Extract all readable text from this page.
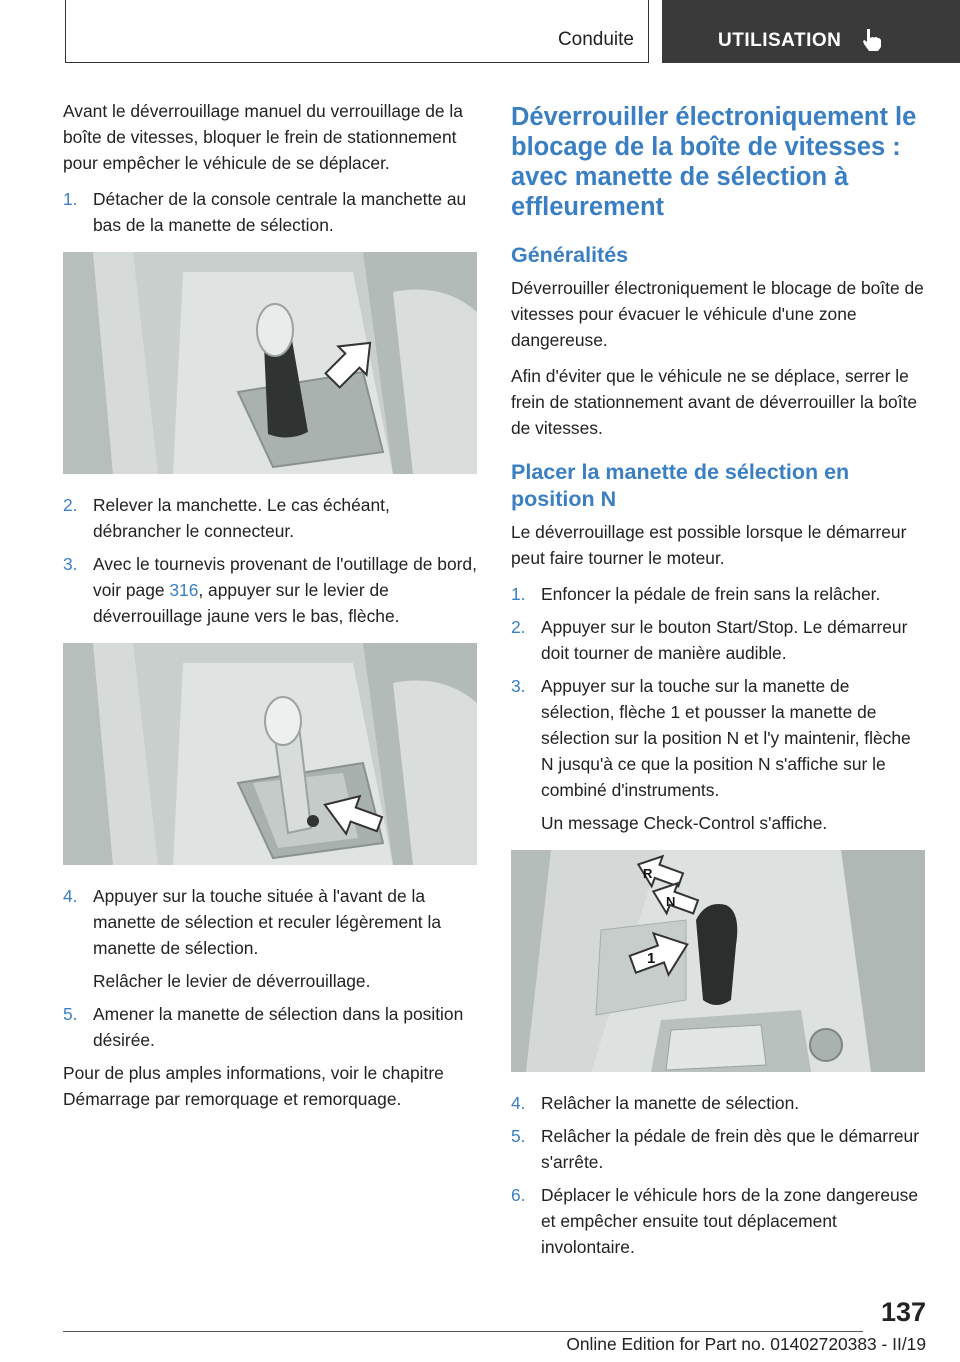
Conduite	UTILISATION

Avant le déverrouillage manuel du verrouillage de la boîte de vitesses, bloquer le frein de stationnement pour empêcher le véhicule de se déplacer.

1. Détacher de la console centrale la manchette au bas de la manette de sélection.
2. Relever la manchette. Le cas échéant, débrancher le connecteur.
3. Avec le tournevis provenant de l'outillage de bord, voir page 316, appuyer sur le levier de déverrouillage jaune vers le bas, flèche.
4. Appuyer sur la touche située à l'avant de la manette de sélection et reculer légèrement la manette de sélection.
Relâcher le levier de déverrouillage.
5. Amener la manette de sélection dans la position désirée.

Pour de plus amples informations, voir le chapitre Démarrage par remorquage et remorquage.

Déverrouiller électroniquement le blocage de la boîte de vitesses : avec manette de sélection à effleurement
Généralités

Déverrouiller électroniquement le blocage de boîte de vitesses pour évacuer le véhicule d'une zone dangereuse.

Afin d'éviter que le véhicule ne se déplace, serrer le frein de stationnement avant de déverrouiller la boîte de vitesses.

Placer la manette de sélection en position N

Le déverrouillage est possible lorsque le démarreur peut faire tourner le moteur.

1. Enfoncer la pédale de frein sans la relâcher.
2. Appuyer sur le bouton Start/Stop. Le démarreur doit tourner de manière audible.
3. Appuyer sur la touche sur la manette de sélection, flèche 1 et pousser la manette de sélection sur la position N et l'y maintenir, flèche N jusqu'à ce que la position N s'affiche sur le combiné d'instruments.
Un message Check-Control s'affiche.
R
N
1
4. Relâcher la manette de sélection.
5. Relâcher la pédale de frein dès que le démarreur s'arrête.
6. Déplacer le véhicule hors de la zone dangereuse et empêcher ensuite tout déplacement involontaire.
137
Online Edition for Part no. 01402720383 - II/19
